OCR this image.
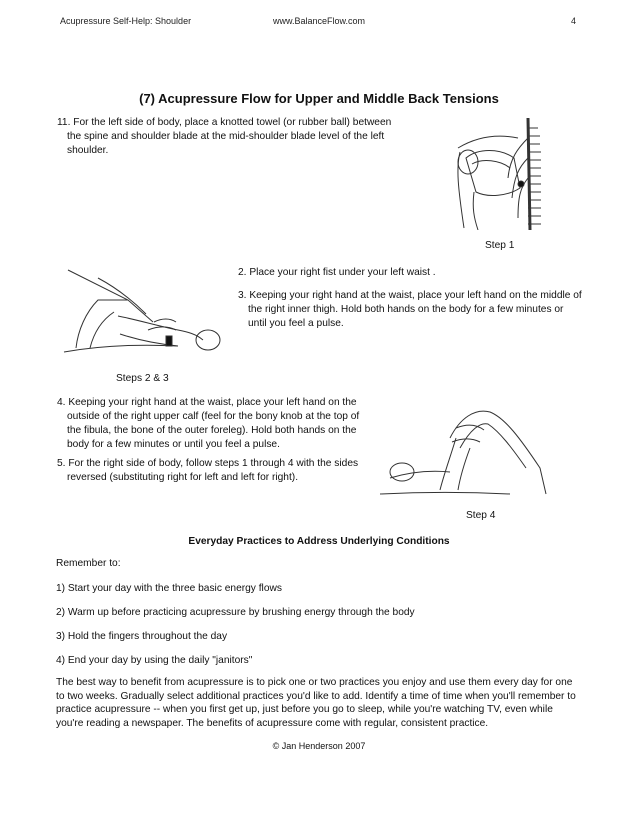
Acupressure Self-Help: Shoulder	www.BalanceFlow.com	4
(7) Acupressure Flow for Upper and Middle Back Tensions

11. For the left side of body, place a knotted towel (or rubber ball) between the spine and shoulder blade at the mid-shoulder blade level of the left shoulder.

Step 1

2. Place your right fist under your left waist .

3. Keeping your right hand at the waist, place your left hand on the middle of the right inner thigh. Hold both hands on the body for a few minutes or until you feel a pulse.

Steps 2 & 3

4. Keeping your right hand at the waist, place your left hand on the outside of the right upper calf (feel for the bony knob at the top of the fibula, the bone of the outer foreleg). Hold both hands on the body for a few minutes or until you feel a pulse.

5. For the right side of body, follow steps 1 through 4 with the sides reversed (substituting right for left and left for right).

Step 4
Everyday Practices to Address Underlying Conditions
Remember to:
1) Start your day with the three basic energy flows
2) Warm up before practicing acupressure by brushing energy through the body
3) Hold the fingers throughout the day
4) End your day by using the daily "janitors"
The best way to benefit from acupressure is to pick one or two practices you enjoy and use them every day for one to two weeks. Gradually select additional practices you'd like to add. Identify a time of time when you'll remember to practice acupressure -- when you first get up, just before you go to sleep, while you're watching TV, even while you're reading a newspaper. The benefits of acupressure come with regular, consistent practice.
© Jan Henderson 2007
